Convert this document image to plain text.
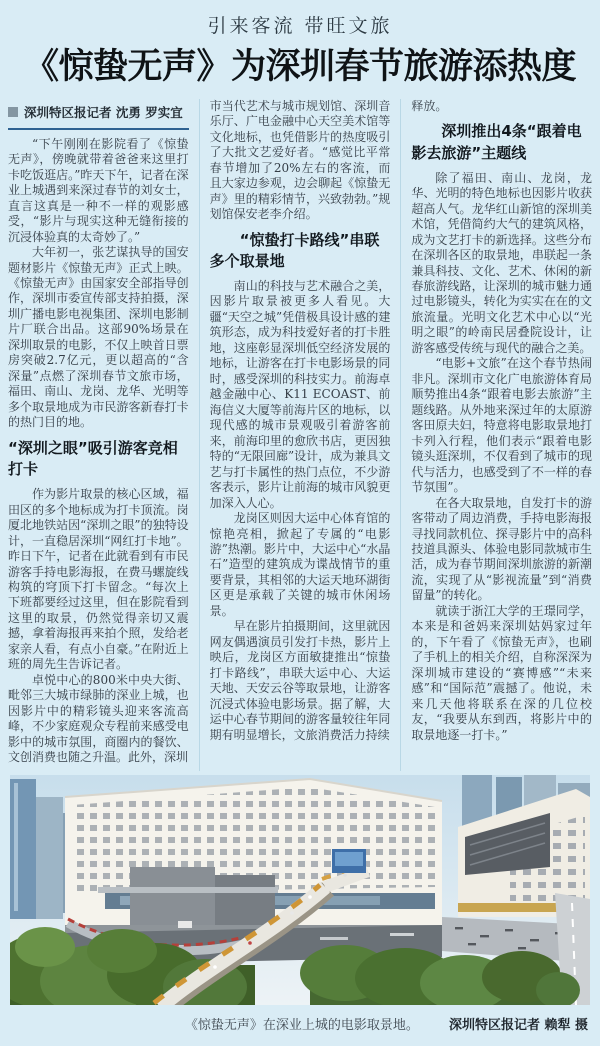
引来客流 带旺文旅
《惊蛰无声》为深圳春节旅游添热度
深圳特区报记者 沈勇 罗实宜

“下午刚刚在影院看了《惊蛰无声》，傍晚就带着爸爸来这里打卡吃饭逛店。”昨天下午，记者在深业上城遇到来深过春节的刘女士，直言这真是一种不一样的观影感受，“影片与现实这种无缝衔接的沉浸体验真的太奇妙了。”

大年初一，张艺谋执导的国安题材影片《惊蛰无声》正式上映。《惊蛰无声》由国家安全部指导创作，深圳市委宣传部支持拍摄，深圳广播电影电视集团、深圳电影制片厂联合出品。这部90%场景在深圳取景的电影，不仅上映首日票房突破2.7亿元，更以超高的“含深量”点燃了深圳春节文旅市场，福田、南山、龙岗、龙华、光明等多个取景地成为市民游客新春打卡的热门目的地。

“深圳之眼”吸引游客竞相打卡

作为影片取景的核心区域，福田区的多个地标成为打卡顶流。岗厦北地铁站因“深圳之眼”的独特设计，一直稳居深圳“网红打卡地”。昨日下午，记者在此就看到有市民游客手持电影海报，在费马螺旋线构筑的穹顶下打卡留念。“每次上下班都要经过这里，但在影院看到这里的取景，仍然觉得亲切又震撼，拿着海报再来拍个照，发给老家亲人看，有点小自豪。”在附近上班的周先生告诉记者。

卓悦中心的800米中央大街、毗邻三大城市绿肺的深业上城，也因影片中的精彩镜头迎来客流高峰，不少家庭观众专程前来感受电影中的城市氛围，商圈内的餐饮、文创消费也随之升温。此外，深圳

市当代艺术与城市规划馆、深圳音乐厅、广电金融中心天空美术馆等文化地标，也凭借影片的热度吸引了大批文艺爱好者。“感觉比平常春节增加了20%左右的客流，而且大家边参观，边会聊起《惊蛰无声》里的精彩情节，兴致勃勃。”规划馆保安老李介绍。

“惊蛰打卡路线”串联多个取景地

南山的科技与艺术融合之美，因影片取景被更多人看见。大疆“天空之城”凭借极具设计感的建筑形态，成为科技爱好者的打卡胜地，这座彰显深圳低空经济发展的地标，让游客在打卡电影场景的同时，感受深圳的科技实力。前海卓越金融中心、K11 ECOAST、前海信义大厦等前海片区的地标，以现代感的城市景观吸引着游客前来，前海印里的愈欣书店，更因独特的“无限回廊”设计，成为兼具文艺与打卡属性的热门点位，不少游客表示，影片让前海的城市风貌更加深入人心。

龙岗区则因大运中心体育馆的惊艳亮相，掀起了专属的“电影游”热潮。影片中，大运中心“水晶石”造型的建筑成为谍战情节的重要背景，其相邻的大运天地环湖街区更是承载了关键的城市休闲场景。

早在影片拍摄期间，这里就因网友偶遇演员引发打卡热，影片上映后，龙岗区方面敏捷推出“惊蛰打卡路线”，串联大运中心、大运天地、天安云谷等取景地，让游客沉浸式体验电影场景。据了解，大运中心春节期间的游客量较往年同期有明显增长，文旅消费活力持续

释放。

深圳推出4条“跟着电影去旅游”主题线

除了福田、南山、龙岗，龙华、光明的特色地标也因影片收获超高人气。龙华红山新馆的深圳美术馆，凭借简约大气的建筑风格，成为文艺打卡的新选择。这些分布在深圳各区的取景地，串联起一条兼具科技、文化、艺术、休闲的新春旅游线路，让深圳的城市魅力通过电影镜头，转化为实实在在的文旅流量。光明文化艺术中心以“光明之眼”的岭南民居叠院设计，让游客感受传统与现代的融合之美。

“电影+文旅”在这个春节热闹非凡。深圳市文化广电旅游体育局顺势推出4条“跟着电影去旅游”主题线路。从外地来深过年的太原游客田原夫妇，特意将电影取景地打卡列入行程，他们表示“跟着电影镜头逛深圳，不仅看到了城市的现代与活力，也感受到了不一样的春节氛围”。

在各大取景地，自发打卡的游客带动了周边消费，手持电影海报寻找同款机位、探寻影片中的高科技道具源头、体验电影同款城市生活，成为春节期间深圳旅游的新潮流，实现了从“影视流量”到“消费留量”的转化。

就读于浙江大学的王璟同学，本来是和爸妈来深圳姑妈家过年的，下午看了《惊蛰无声》，也刷了手机上的相关介绍，自称深深为深圳城市建设的“赛博感”“未来感”和“国际范”震撼了。他说，未来几天他将联系在深的几位校友，“我要从东到西，将影片中的取景地逐一打卡。”

《惊蛰无声》在深业上城的电影取景地。 深圳特区报记者 赖犁 摄
